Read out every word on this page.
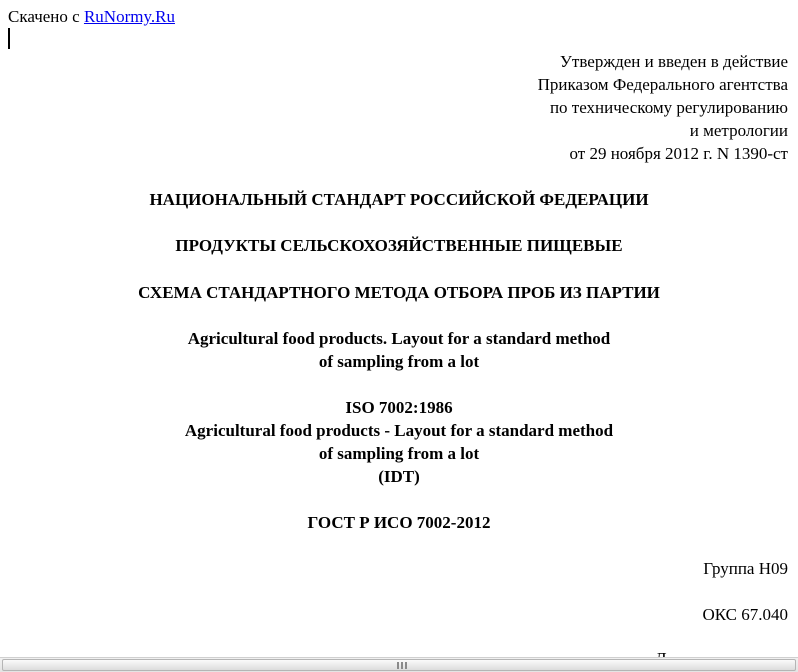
Скачено с RuNormy.Ru
Утвержден и введен в действие
Приказом Федерального агентства
по техническому регулированию
и метрологии
от 29 ноября 2012 г. N 1390-ст
НАЦИОНАЛЬНЫЙ СТАНДАРТ РОССИЙСКОЙ ФЕДЕРАЦИИ
ПРОДУКТЫ СЕЛЬСКОХОЗЯЙСТВЕННЫЕ ПИЩЕВЫЕ
СХЕМА СТАНДАРТНОГО МЕТОДА ОТБОРА ПРОБ ИЗ ПАРТИИ
Agricultural food products. Layout for a standard method
of sampling from a lot
ISO 7002:1986
Agricultural food products - Layout for a standard method
of sampling from a lot
(IDT)
ГОСТ Р ИСО 7002-2012
Группа Н09
ОКС 67.040
